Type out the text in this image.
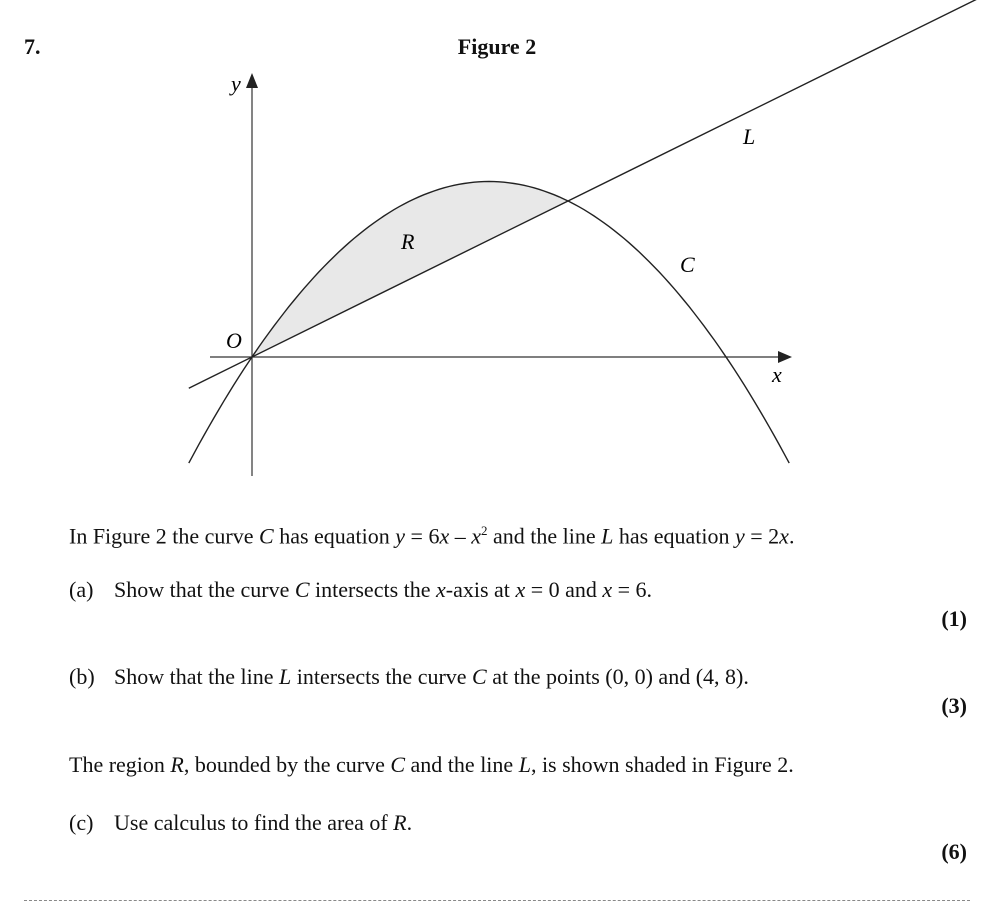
7.	Figure 2
y
x
O
L
C
R
In Figure 2 the curve C has equation $y = 6x - x^2$ and the line L has equation y = 2x.
(a) Show that the curve C intersects the x-axis at x = 0 and x = 6.
(1)
(b) Show that the line L intersects the curve C at the points (0, 0) and (4, 8).
(3)
The region R, bounded by the curve C and the line L, is shown shaded in Figure 2.
(c) Use calculus to find the area of R.
(6)
